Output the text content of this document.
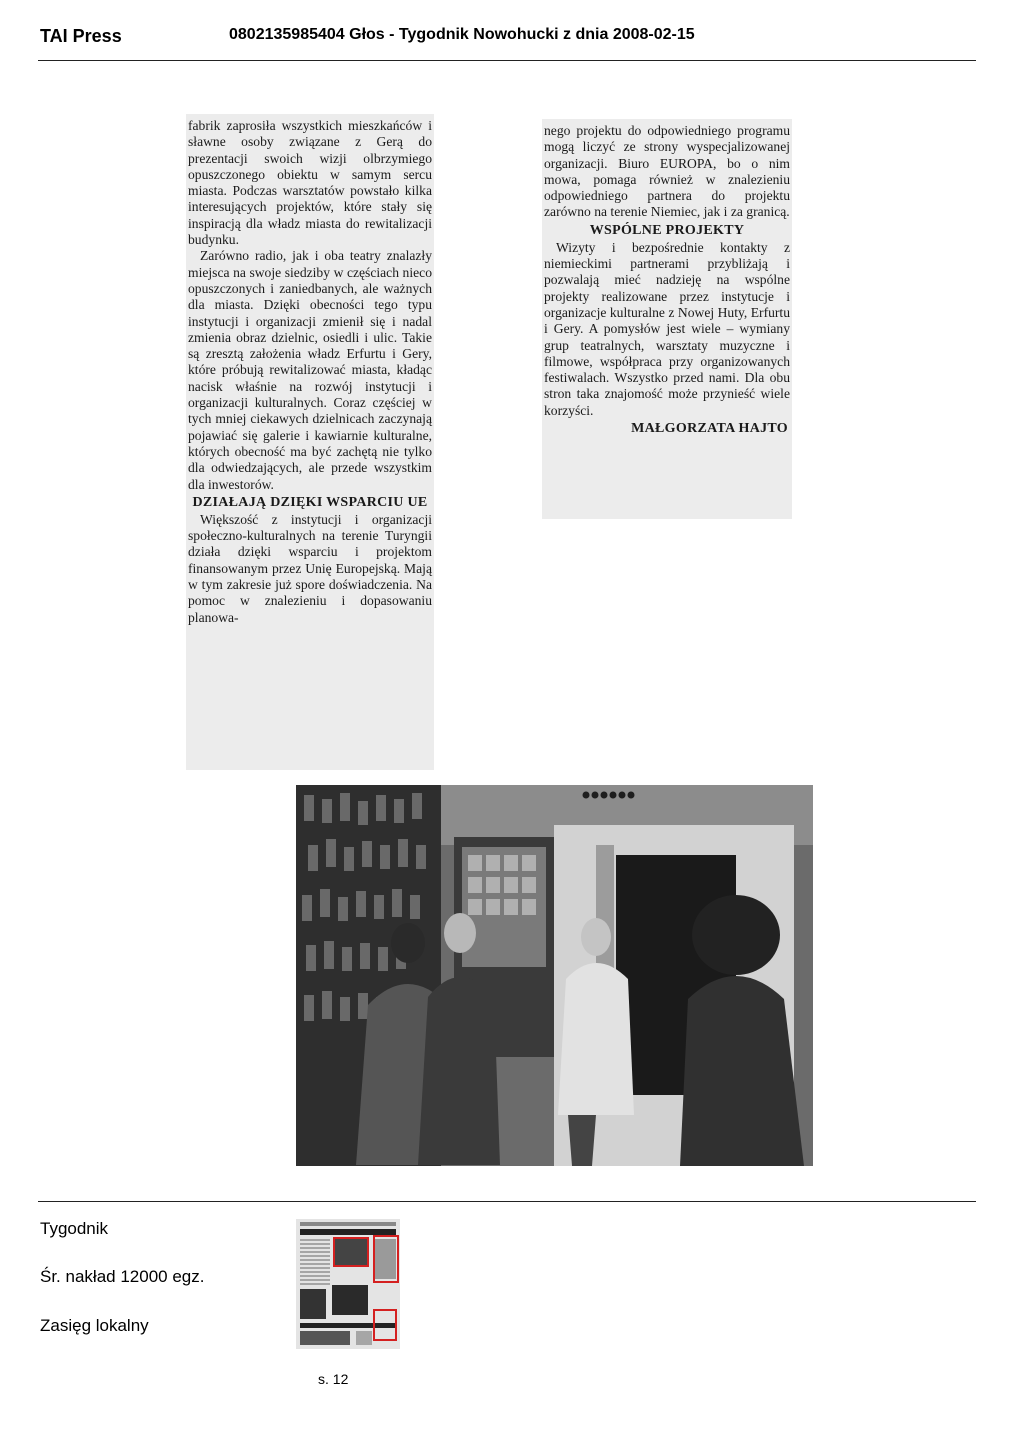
TAI Press	0802135985404 Głos - Tygodnik Nowohucki z dnia 2008-02-15

fabrik zaprosiła wszystkich mieszkańców i sławne osoby związane z Gerą do prezentacji swoich wizji olbrzymiego opuszczonego obiektu w samym sercu miasta. Podczas warsztatów powstało kilka interesujących projektów, które stały się inspiracją dla władz miasta do rewitalizacji budynku.

Zarówno radio, jak i oba teatry znalazły miejsca na swoje siedziby w częściach nieco opuszczonych i zaniedbanych, ale ważnych dla miasta. Dzięki obecności tego typu instytucji i organizacji zmienił się i nadal zmienia obraz dzielnic, osiedli i ulic. Takie są zresztą założenia władz Erfurtu i Gery, które próbują rewitalizować miasta, kładąc nacisk właśnie na rozwój instytucji i organizacji kulturalnych. Coraz częściej w tych mniej ciekawych dzielnicach zaczynają pojawiać się galerie i kawiarnie kulturalne, których obecność ma być zachętą nie tylko dla odwiedzających, ale przede wszystkim dla inwestorów.

DZIAŁAJĄ DZIĘKI WSPARCIU UE

Większość z instytucji i organizacji społeczno-kulturalnych na terenie Turyngii działa dzięki wsparciu i projektom finansowanym przez Unię Europejską. Mają w tym zakresie już spore doświadczenia. Na pomoc w znalezieniu i dopasowaniu planowa-

nego projektu do odpowiedniego programu mogą liczyć ze strony wyspecjalizowanej organizacji. Biuro EUROPA, bo o nim mowa, pomaga również w znalezieniu odpowiedniego partnera do projektu zarówno na terenie Niemiec, jak i za granicą.

WSPÓLNE PROJEKTY

Wizyty i bezpośrednie kontakty z niemieckimi partnerami przybliżają i pozwalają mieć nadzieję na wspólne projekty realizowane przez instytucje i organizacje kulturalne z Nowej Huty, Erfurtu i Gery. A pomysłów jest wiele – wymiany grup teatralnych, warsztaty muzyczne i filmowe, współpraca przy organizowanych festiwalach. Wszystko przed nami. Dla obu stron taka znajomość może przynieść wiele korzyści.

MAŁGORZATA HAJTO
Tygodnik
Śr. nakład 12000 egz.
Zasięg lokalny
s. 12
